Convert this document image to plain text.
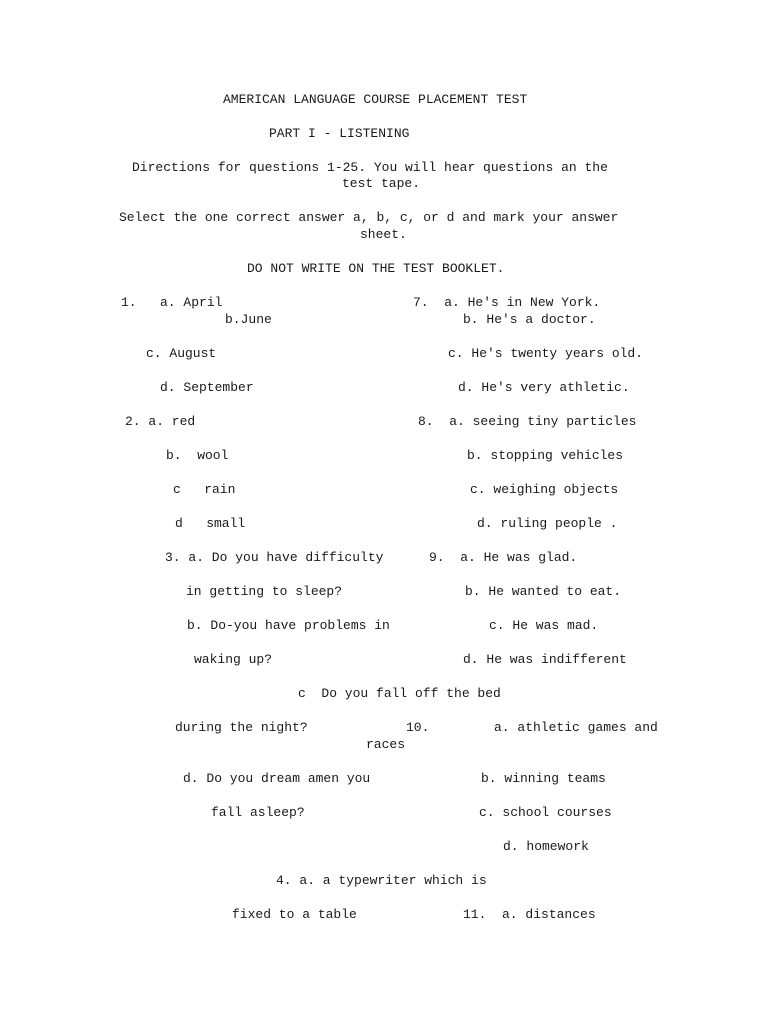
AMERICAN LANGUAGE COURSE PLACEMENT TEST
PART I - LISTENING
Directions for questions 1-25. You will hear questions an the
test tape.
Select the one correct answer a, b, c, or d and mark your answer
sheet.
DO NOT WRITE ON THE TEST BOOKLET.
1.   a. April	7.  a. He's in New York.
b.June	b. He's a doctor.
c. August	c. He's twenty years old.
d. September	d. He's very athletic.
2. a. red	8.  a. seeing tiny particles
b.  wool	b. stopping vehicles
c   rain	c. weighing objects
d   small	d. ruling people .
3. a. Do you have difficulty	9.  a. He was glad.
in getting to sleep?	b. He wanted to eat.
b. Do-you have problems in	c. He was mad.
waking up?	d. He was indifferent
c  Do you fall off the bed
during the night?	10.	a. athletic games and
races
d. Do you dream amen you	b. winning teams
fall asleep?	c. school courses
d. homework
4. a. a typewriter which is
fixed to a table	11.  a. distances
